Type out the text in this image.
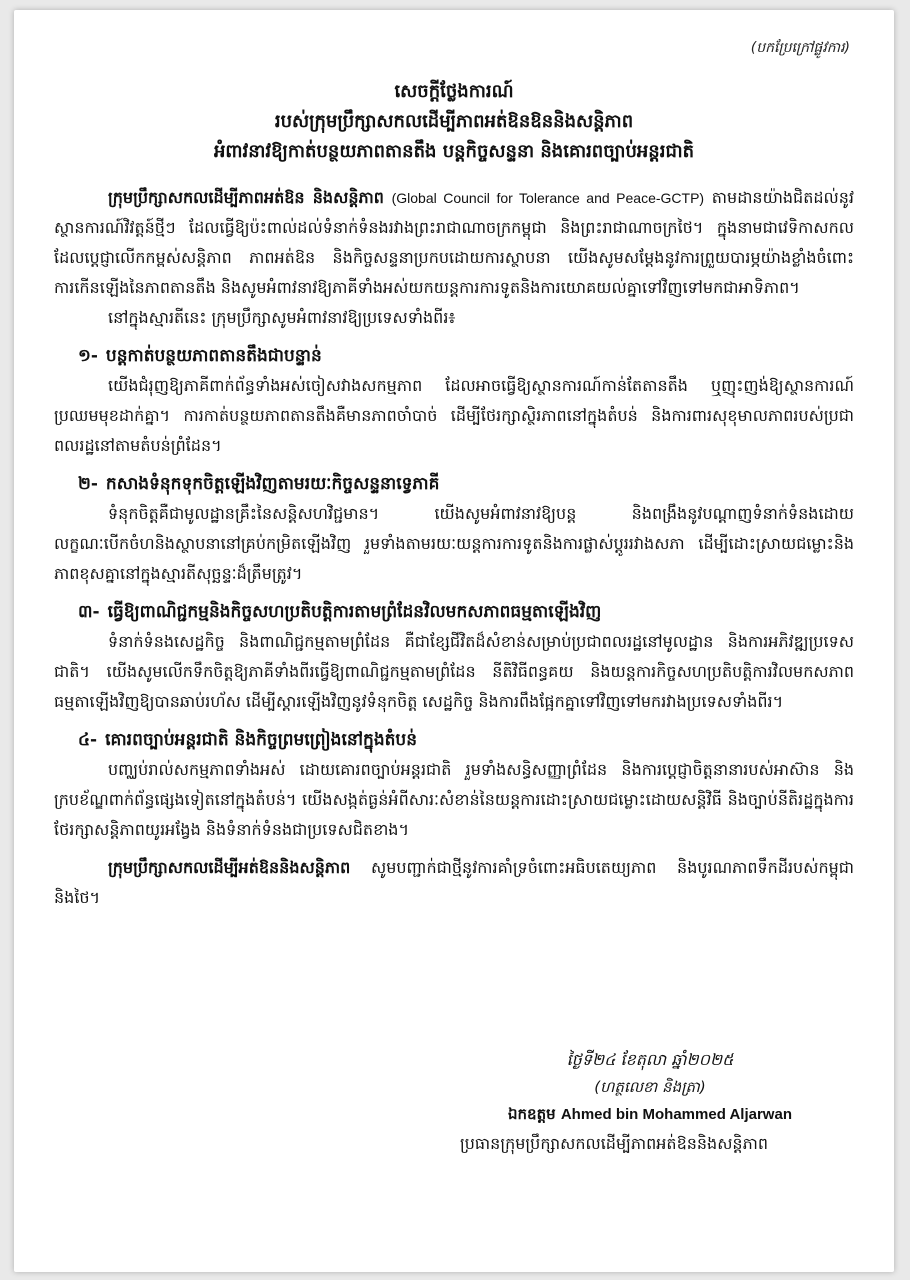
(បកប្រែក្រៅផ្លូវការ)
សេចក្តីថ្លែងការណ៍
របស់ក្រុមប្រឹក្សាសកលដើម្បីភាពអត់ឱនឱននិងសន្តិភាព
អំពាវនាវឱ្យកាត់បន្ថយភាពតានតឹង បន្តកិច្ចសន្ទនា និងគោរពច្បាប់អន្តរជាតិ

ក្រុមប្រឹក្សាសកលដើម្បីភាពអត់ឱន និងសន្តិភាព (Global Council for Tolerance and Peace-GCTP) តាមដានយ៉ាងជិតដល់នូវស្ថានការណ៍វិវត្តន៍ថ្មីៗ ដែលធ្វើឱ្យប៉ះពាល់ដល់ទំនាក់ទំនងរវាងព្រះរាជាណាចក្រកម្ពុជា និងព្រះរាជាណាចក្រថៃ។ ក្នុងនាមជាវេទិកាសកលដែលប្តេជ្ញាលើកកម្ពស់សន្តិភាព ភាពអត់ឱន និងកិច្ចសន្ទនាប្រកបដោយការស្ថាបនា យើងសូមសម្តែងនូវការព្រួយបារម្ភយ៉ាងខ្លាំងចំពោះការកើនឡើងនៃភាពតានតឹង និងសូមអំពាវនាវឱ្យភាគីទាំងអស់យកយន្តការការទូតនិងការយោគយល់គ្នាទៅវិញទៅមកជាអាទិភាព។

នៅក្នុងស្មារតីនេះ ក្រុមប្រឹក្សាសូមអំពាវនាវឱ្យប្រទេសទាំងពីរ៖

១- បន្តកាត់បន្ថយភាពតានតឹងជាបន្ទាន់

យើងជំរុញឱ្យភាគីពាក់ព័ន្ធទាំងអស់ចៀសវាងសកម្មភាព ដែលអាចធ្វើឱ្យស្ថានការណ៍កាន់តែតានតឹង ឬញុះញង់ឱ្យស្ថានការណ៍ប្រឈមមុខដាក់គ្នា។ ការកាត់បន្ថយភាពតានតឹងគឺមានភាពចាំបាច់ ដើម្បីថែរក្សាស្ថិរភាពនៅក្នុងតំបន់ និងការពារសុខុមាលភាពរបស់ប្រជាពលរដ្ឋនៅតាមតំបន់ព្រំដែន។

២- កសាងទំនុកទុកចិត្តឡើងវិញតាមរយៈកិច្ចសន្ទនាទ្វេភាគី

ទំនុកចិត្តគឺជាមូលដ្ឋានគ្រឹះនៃសន្តិសហវិជ្ជមាន។ យើងសូមអំពាវនាវឱ្យបន្ត និងពង្រឹងនូវបណ្តាញទំនាក់ទំនងដោយលក្ខណៈបើកចំហនិងស្ថាបនានៅគ្រប់កម្រិតឡើងវិញ រួមទាំងតាមរយៈយន្តការការទូតនិងការផ្លាស់ប្តូររវាងសភា ដើម្បីដោះស្រាយជម្លោះនិងភាពខុសគ្នានៅក្នុងស្មារតីសុច្ឆន្ទៈដ៏ត្រឹមត្រូវ។

៣- ធ្វើឱ្យពាណិជ្ជកម្មនិងកិច្ចសហប្រតិបត្តិការតាមព្រំដែនវិលមកសភាពធម្មតាឡើងវិញ

ទំនាក់ទំនងសេដ្ឋកិច្ច និងពាណិជ្ជកម្មតាមព្រំដែន គឺជាខ្សែជីវិតដ៏សំខាន់សម្រាប់ប្រជាពលរដ្ឋនៅមូលដ្ឋាន និងការអភិវឌ្ឍប្រទេសជាតិ។ យើងសូមលើកទឹកចិត្តឱ្យភាគីទាំងពីរធ្វើឱ្យពាណិជ្ជកម្មតាមព្រំដែន នីតិវិធីពន្ធគយ និងយន្តការកិច្ចសហប្រតិបត្តិការវិលមកសភាពធម្មតាឡើងវិញឱ្យបានឆាប់រហ័ស ដើម្បីស្តារឡើងវិញនូវទំនុកចិត្ត សេដ្ឋកិច្ច និងការពឹងផ្អែកគ្នាទៅវិញទៅមករវាងប្រទេសទាំងពីរ។

៤- គោរពច្បាប់អន្តរជាតិ និងកិច្ចព្រមព្រៀងនៅក្នុងតំបន់

បញ្ឈប់រាល់សកម្មភាពទាំងអស់ ដោយគោរពច្បាប់អន្តរជាតិ រួមទាំងសន្ធិសញ្ញាព្រំដែន និងការប្តេជ្ញាចិត្តនានារបស់អាស៊ាន និងក្របខ័ណ្ឌពាក់ព័ន្ធផ្សេងទៀតនៅក្នុងតំបន់។ យើងសង្កត់ធ្ងន់អំពីសារៈសំខាន់នៃយន្តការដោះស្រាយជម្លោះដោយសន្តិវិធី និងច្បាប់នីតិរដ្ឋក្នុងការថែរក្សាសន្តិភាពយូរអង្វែង និងទំនាក់ទំនងជាប្រទេសជិតខាង។

ក្រុមប្រឹក្សាសកលដើម្បីអត់ឱននិងសន្តិភាព សូមបញ្ជាក់ជាថ្មីនូវការគាំទ្រចំពោះអធិបតេយ្យភាព និងបូរណភាពទឹកដីរបស់កម្ពុជា និងថៃ។

ថ្ងៃទី២៤ ខែតុលា ឆ្នាំ២០២៥
(ហត្ថលេខា និងត្រា)
ឯកឧត្តម Ahmed bin Mohammed Aljarwan
ប្រធានក្រុមប្រឹក្សាសកលដើម្បីភាពអត់ឱននិងសន្តិភាព
